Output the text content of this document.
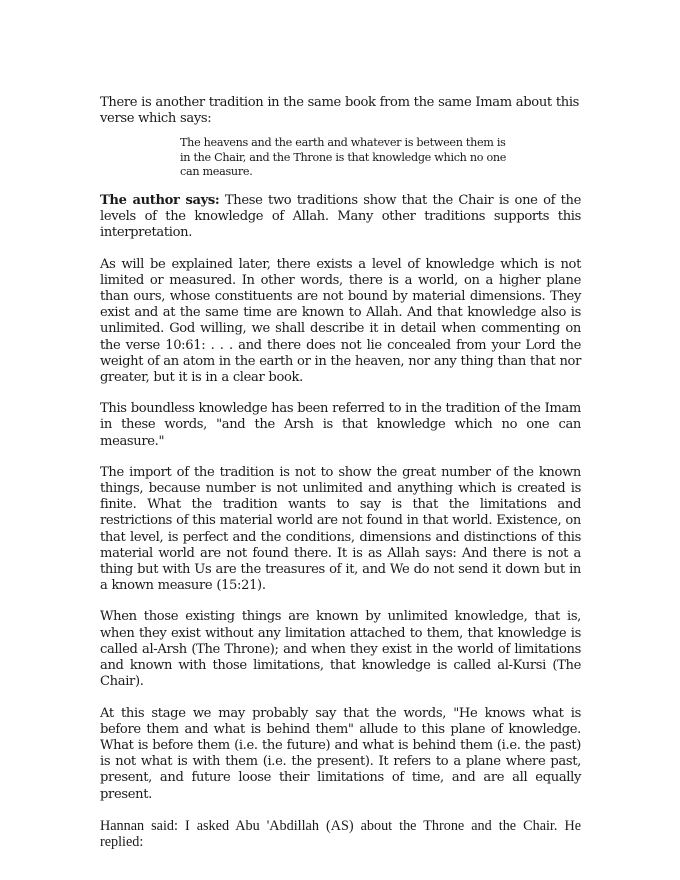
There is another tradition in the same book from the same Imam about this verse which says:

The heavens and the earth and whatever is between them is in the Chair, and the Throne is that knowledge which no one can measure.

The author says: These two traditions show that the Chair is one of the levels of the knowledge of Allah. Many other traditions supports this interpretation.

As will be explained later, there exists a level of knowledge which is not limited or measured. In other words, there is a world, on a higher plane than ours, whose constituents are not bound by material dimensions. They exist and at the same time are known to Allah. And that knowledge also is unlimited. God willing, we shall describe it in detail when commenting on the verse 10:61: . . . and there does not lie concealed from your Lord the weight of an atom in the earth or in the heaven, nor any thing than that nor greater, but it is in a clear book.

This boundless knowledge has been referred to in the tradition of the Imam in these words, "and the Arsh is that knowledge which no one can measure."

The import of the tradition is not to show the great number of the known things, because number is not unlimited and anything which is created is finite. What the tradition wants to say is that the limitations and restrictions of this material world are not found in that world. Existence, on that level, is perfect and the conditions, dimensions and distinctions of this material world are not found there. It is as Allah says: And there is not a thing but with Us are the treasures of it, and We do not send it down but in a known measure (15:21).

When those existing things are known by unlimited knowledge, that is, when they exist without any limitation attached to them, that knowledge is called al-Arsh (The Throne); and when they exist in the world of limitations and known with those limitations, that knowledge is called al-Kursi (The Chair).

At this stage we may probably say that the words, "He knows what is before them and what is behind them" allude to this plane of knowledge. What is before them (i.e. the future) and what is behind them (i.e. the past) is not what is with them (i.e. the present). It refers to a plane where past, present, and future loose their limitations of time, and are all equally present.

Hannan said: I asked Abu 'Abdillah (AS) about the Throne and the Chair. He replied:
